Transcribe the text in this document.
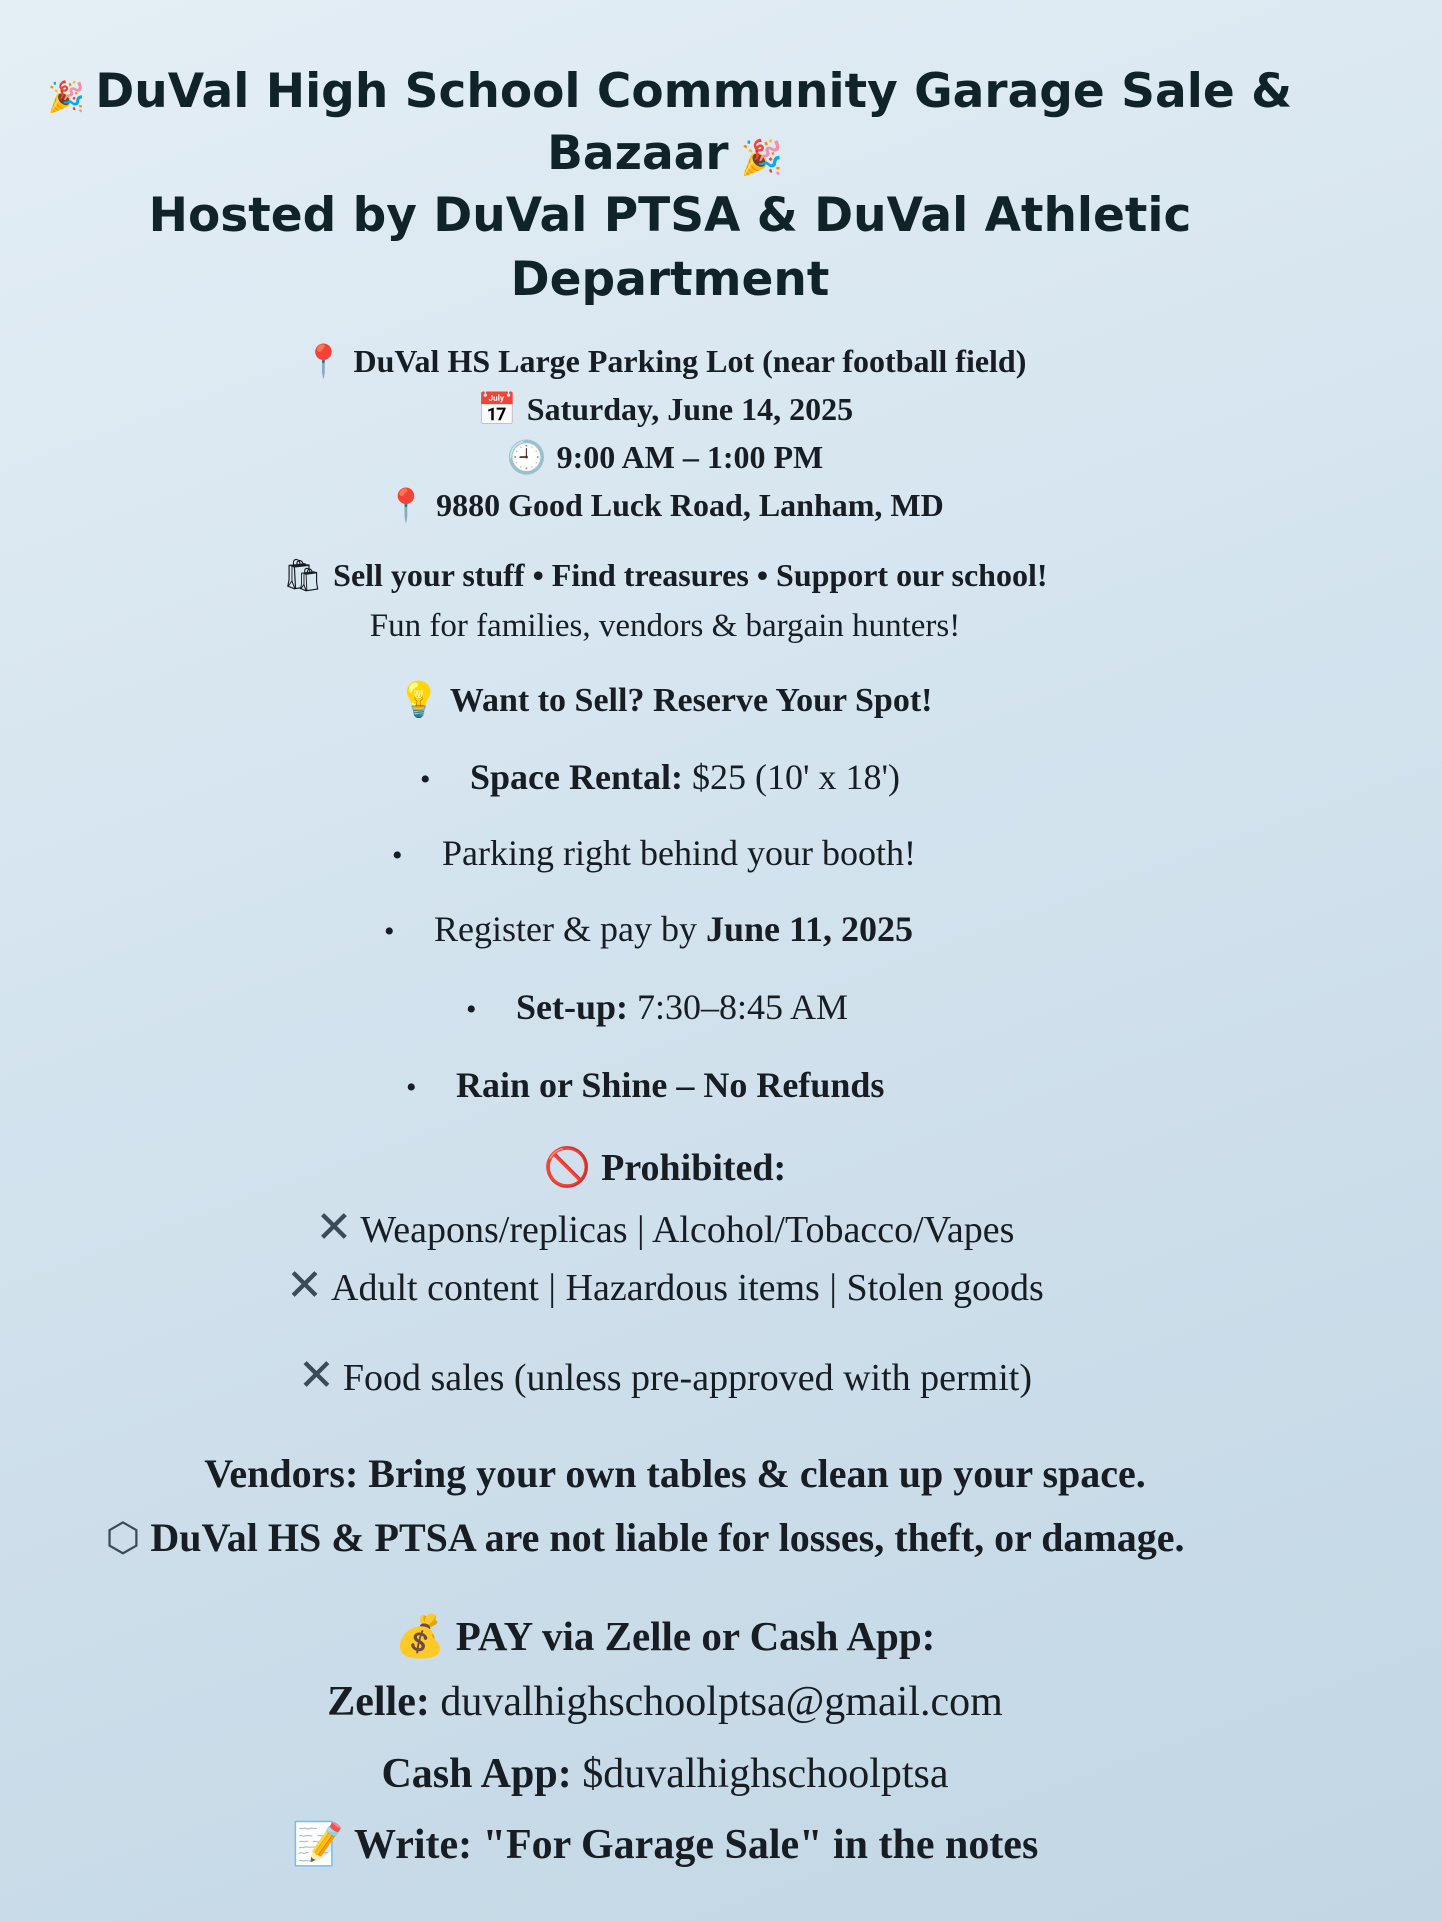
🎉 DuVal High School Community Garage Sale &
Bazaar 🎉
Hosted by DuVal PTSA & DuVal Athletic
Department
📍 DuVal HS Large Parking Lot (near football field)
📅 Saturday, June 14, 2025
🕘 9:00 AM – 1:00 PM
📍 9880 Good Luck Road, Lanham, MD
🛍 Sell your stuff • Find treasures • Support our school!
Fun for families, vendors & bargain hunters!
💡 Want to Sell? Reserve Your Spot!
• Space Rental: $25 (10' x 18')
• Parking right behind your booth!
• Register & pay by June 11, 2025
• Set-up: 7:30–8:45 AM
• Rain or Shine – No Refunds
🚫 Prohibited:
✕ Weapons/replicas | Alcohol/Tobacco/Vapes
✕ Adult content | Hazardous items | Stolen goods
✕ Food sales (unless pre-approved with permit)
Vendors: Bring your own tables & clean up your space.
⬡ DuVal HS & PTSA are not liable for losses, theft, or damage.
💰 PAY via Zelle or Cash App:
Zelle: duvalhighschoolptsa@gmail.com
Cash App: $duvalhighschoolptsa
📝 Write: "For Garage Sale" in the notes
